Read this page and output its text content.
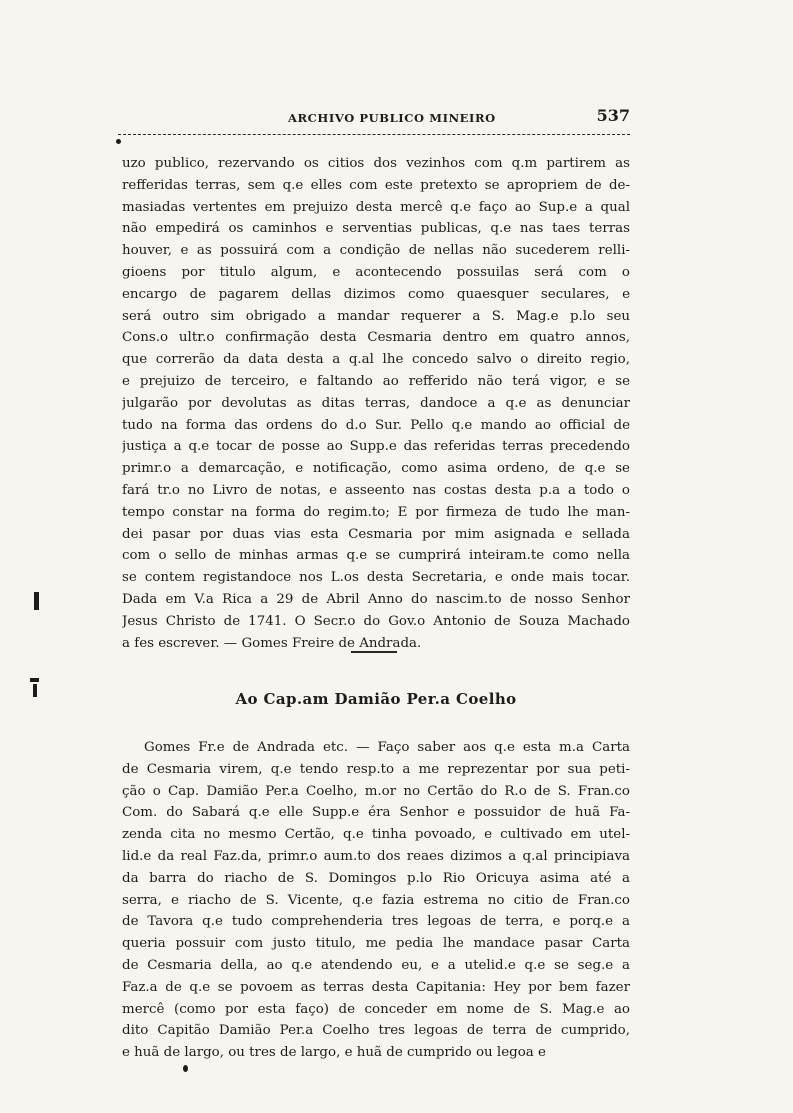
ARCHIVO PUBLICO MINEIRO	537
uzo publico, rezervando os citios dos vezinhos com q.m partirem as
refferidas terras, sem q.e elles com este pretexto se apropriem de de-
masiadas vertentes em prejuizo desta mercê q.e faço ao Sup.e a qual
não empedirá os caminhos e serventias publicas, q.e nas taes terras
houver, e as possuirá com a condição de nellas não sucederem relli-
gioens por titulo algum, e acontecendo possuilas será com o
encargo de pagarem dellas dizimos como quaesquer seculares, e
será outro sim obrigado a mandar requerer a S. Mag.e p.lo seu
Cons.o ultr.o confirmação desta Cesmaria dentro em quatro annos,
que correrão da data desta a q.al lhe concedo salvo o direito regio,
e prejuizo de terceiro, e faltando ao refferido não terá vigor, e se
julgarão por devolutas as ditas terras, dandoce a q.e as denunciar
tudo na forma das ordens do d.o Sur. Pello q.e mando ao official de
justiça a q.e tocar de posse ao Supp.e das referidas terras precedendo
primr.o a demarcação, e notificação, como asima ordeno, de q.e se
fará tr.o no Livro de notas, e asseento nas costas desta p.a a todo o
tempo constar na forma do regim.to; E por firmeza de tudo lhe man-
dei pasar por duas vias esta Cesmaria por mim asignada e sellada
com o sello de minhas armas q.e se cumprirá inteiram.te como nella
se contem registandoce nos L.os desta Secretaria, e onde mais tocar.
Dada em V.a Rica a 29 de Abril Anno do nascim.to de nosso Senhor
Jesus Christo de 1741. O Secr.o do Gov.o Antonio de Souza Machado
a fes escrever. — Gomes Freire de Andrada.
Ao Cap.am Damião Per.a Coelho
Gomes Fr.e de Andrada etc. — Faço saber aos q.e esta m.a Carta
de Cesmaria virem, q.e tendo resp.to a me reprezentar por sua peti-
ção o Cap. Damião Per.a Coelho, m.or no Certão do R.o de S. Fran.co
Com. do Sabará q.e elle Supp.e éra Senhor e possuidor de huã Fa-
zenda cita no mesmo Certão, q.e tinha povoado, e cultivado em utel-
lid.e da real Faz.da, primr.o aum.to dos reaes dizimos a q.al principiava
da barra do riacho de S. Domingos p.lo Rio Oricuya asima até a
serra, e riacho de S. Vicente, q.e fazia estrema no citio de Fran.co
de Tavora q.e tudo comprehenderia tres legoas de terra, e porq.e a
queria possuir com justo titulo, me pedia lhe mandace pasar Carta
de Cesmaria della, ao q.e atendendo eu, e a utelid.e q.e se seg.e a
Faz.a de q.e se povoem as terras desta Capitania: Hey por bem fazer
mercê (como por esta faço) de conceder em nome de S. Mag.e ao
dito Capitão Damião Per.a Coelho tres legoas de terra de cumprido,
e huã de largo, ou tres de largo, e huã de cumprido ou legoa e
